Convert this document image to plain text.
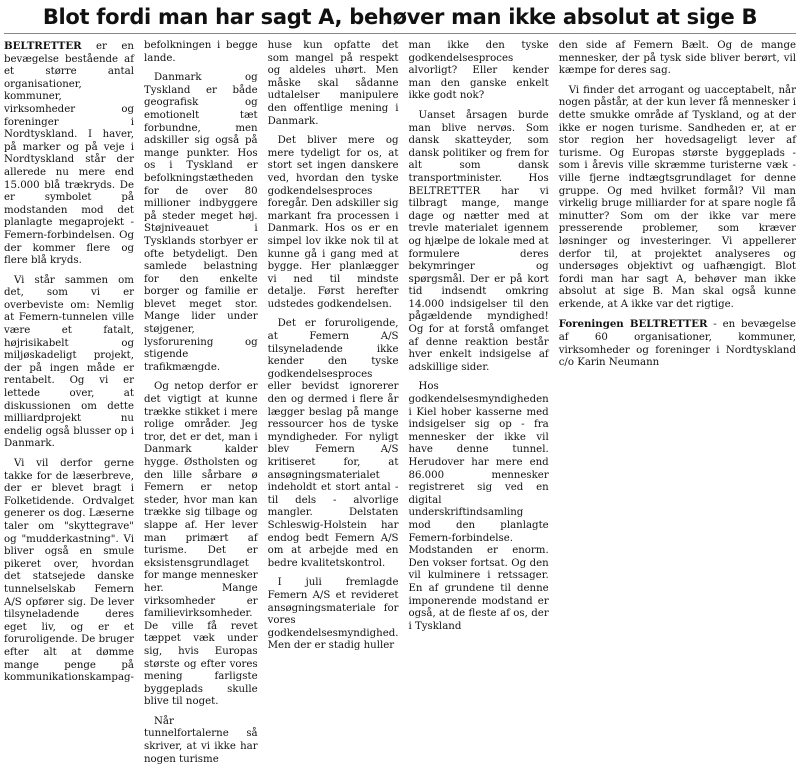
Blot fordi man har sagt A, behøver man ikke absolut at sige B

BELTRETTER er en bevægelse bestående af et større antal organisationer, kommuner, virksomheder og foreninger i Nordtyskland. I haver, på marker og på veje i Nordtyskland står der allerede nu mere end 15.000 blå trækryds. De er symbolet på modstanden mod det planlagte megaprojekt - Femern-forbindelsen. Og der kommer flere og flere blå kryds.

Vi står sammen om det, som vi er overbeviste om: Nemlig at Femern-tunnelen ville være et fatalt, højrisikabelt og miljøskadeligt projekt, der på ingen måde er rentabelt. Og vi er lettede over, at diskussionen om dette milliardprojekt nu endelig også blusser op i Danmark.

Vi vil derfor gerne takke for de læserbreve, der er blevet bragt i Folketidende. Ordvalget generer os dog. Læserne taler om "skyttegrave" og "mudderkastning". Vi bliver også en smule pikeret over, hvordan det statsejede danske tunnelselskab Femern A/S opfører sig. De lever tilsyneladende deres eget liv, og er et foruroligende. De bruger efter alt at dømme mange penge på kommunikationskampag-

befolkningen i begge lande.

Danmark og Tyskland er både geografisk og emotionelt tæt forbundne, men adskiller sig også på mange punkter. Hos os i Tyskland er befolkningstætheden for de over 80 millioner indbyggere på steder meget høj. Støjniveauet i Tysklands storbyer er ofte betydeligt. Den samlede belastning for den enkelte borger og familie er blevet meget stor. Mange lider under støjgener, lysforurening og stigende trafikmængde.

Og netop derfor er det vigtigt at kunne trække stikket i mere rolige områder. Jeg tror, det er det, man i Danmark kalder hygge. Østholsten og den lille sårbare ø Femern er netop steder, hvor man kan trække sig tilbage og slappe af. Her lever man primært af turisme. Det er eksistensgrundlaget for mange mennesker her. Mange virksomheder er familievirksomheder. De ville få revet tæppet væk under sig, hvis Europas største og efter vores mening farligste byggeplads skulle blive til noget.

Når tunnelfortalerne så skriver, at vi ikke har nogen turisme

huse kun opfatte det som mangel på respekt og aldeles uhørt. Men måske skal sådanne udtalelser manipulere den offentlige mening i Danmark.

Det bliver mere og mere tydeligt for os, at stort set ingen danskere ved, hvordan den tyske godkendelsesproces foregår. Den adskiller sig markant fra processen i Danmark. Hos os er en simpel lov ikke nok til at kunne gå i gang med at bygge. Her planlægger vi ned til mindste detalje. Først herefter udstedes godkendelsen.

Det er foruroligende, at Femern A/S tilsyneladende ikke kender den tyske godkendelsesproces eller bevidst ignorerer den og dermed i flere år lægger beslag på mange ressourcer hos de tyske myndigheder. For nyligt blev Femern A/S kritiseret for, at ansøgningsmaterialet indeholdt et stort antal - til dels - alvorlige mangler. Delstaten Schleswig-Holstein har endog bedt Femern A/S om at arbejde med en bedre kvalitetskontrol.

I juli fremlagde Femern A/S et revideret ansøgningsmateriale for vores godkendelsesmyndighed. Men der er stadig huller

man ikke den tyske godkendelsesproces alvorligt? Eller kender man den ganske enkelt ikke godt nok?

Uanset årsagen burde man blive nervøs. Som dansk skatteyder, som dansk politiker og frem for alt som dansk transportminister. Hos BELTRETTER har vi tilbragt mange, mange dage og nætter med at trevle materialet igennem og hjælpe de lokale med at formulere deres bekymringer og spørgsmål. Der er på kort tid indsendt omkring 14.000 indsigelser til den pågældende myndighed! Og for at forstå omfanget af denne reaktion består hver enkelt indsigelse af adskillige sider.

Hos godkendelsesmyndigheden i Kiel hober kasserne med indsigelser sig op - fra mennesker der ikke vil have denne tunnel. Herudover har mere end 86.000 mennesker registreret sig ved en digital underskriftindsamling mod den planlagte Femern-forbindelse. Modstanden er enorm. Den vokser fortsat. Og den vil kulminere i retssager. En af grundene til denne imponerende modstand er også, at de fleste af os, der i Tyskland

den side af Femern Bælt. Og de mange mennesker, der på tysk side bliver berørt, vil kæmpe for deres sag.

Vi finder det arrogant og uacceptabelt, når nogen påstår, at der kun lever få mennesker i dette smukke område af Tyskland, og at der ikke er nogen turisme. Sandheden er, at er stor region her hovedsageligt lever af turisme. Og Europas største byggeplads - som i årevis ville skræmme turisterne væk - ville fjerne indtægtsgrundlaget for denne gruppe. Og med hvilket formål? Vil man virkelig bruge milliarder for at spare nogle få minutter? Som om der ikke var mere presserende problemer, som kræver løsninger og investeringer. Vi appellerer derfor til, at projektet analyseres og undersøges objektivt og uafhængigt. Blot fordi man har sagt A, behøver man ikke absolut at sige B. Man skal også kunne erkende, at A ikke var det rigtige.

Foreningen BELTRETTER - en bevægelse af 60 organisationer, kommuner, virksomheder og foreninger i Nordtyskland c/o Karin Neumann
